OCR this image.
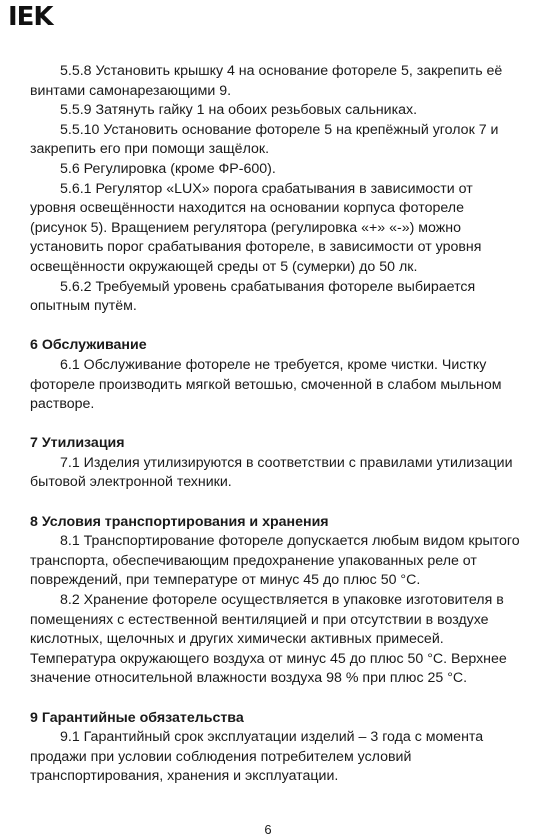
IEK

5.5.8 Установить крышку 4 на основание фотореле 5, закрепить её винтами самонарезающими 9.

5.5.9 Затянуть гайку 1 на обоих резьбовых сальниках.

5.5.10 Установить основание фотореле 5 на крепёжный уголок 7 и закрепить его при помощи защёлок.

5.6 Регулировка (кроме ФР-600).

5.6.1 Регулятор «LUX» порога срабатывания в зависимости от уровня освещённости находится на основании корпуса фотореле (рисунок 5). Вращением регулятора (регулировка «+» «-») можно установить порог срабатывания фотореле, в зависимости от уровня освещённости окружающей среды от 5 (сумерки) до 50 лк.

5.6.2 Требуемый уровень срабатывания фотореле выбирается опытным путём.

6 Обслуживание

6.1 Обслуживание фотореле не требуется, кроме чистки. Чистку фотореле производить мягкой ветошью, смоченной в слабом мыльном растворе.

7 Утилизация

7.1 Изделия утилизируются в соответствии с правилами утилизации бытовой электронной техники.

8 Условия транспортирования и хранения

8.1 Транспортирование фотореле допускается любым видом крытого транспорта, обеспечивающим предохранение упакованных реле от повреждений, при температуре от минус 45 до плюс 50 °С.

8.2 Хранение фотореле осуществляется в упаковке изготовителя в помещениях с естественной вентиляцией и при отсутствии в воздухе кислотных, щелочных и других химически активных примесей. Температура окружающего воздуха от минус 45 до плюс 50 °С. Верхнее значение относительной влажности воздуха 98 % при плюс 25 °С.

9 Гарантийные обязательства

9.1 Гарантийный срок эксплуатации изделий – 3 года с момента продажи при условии соблюдения потребителем условий транспортирования, хранения и эксплуатации.

6
